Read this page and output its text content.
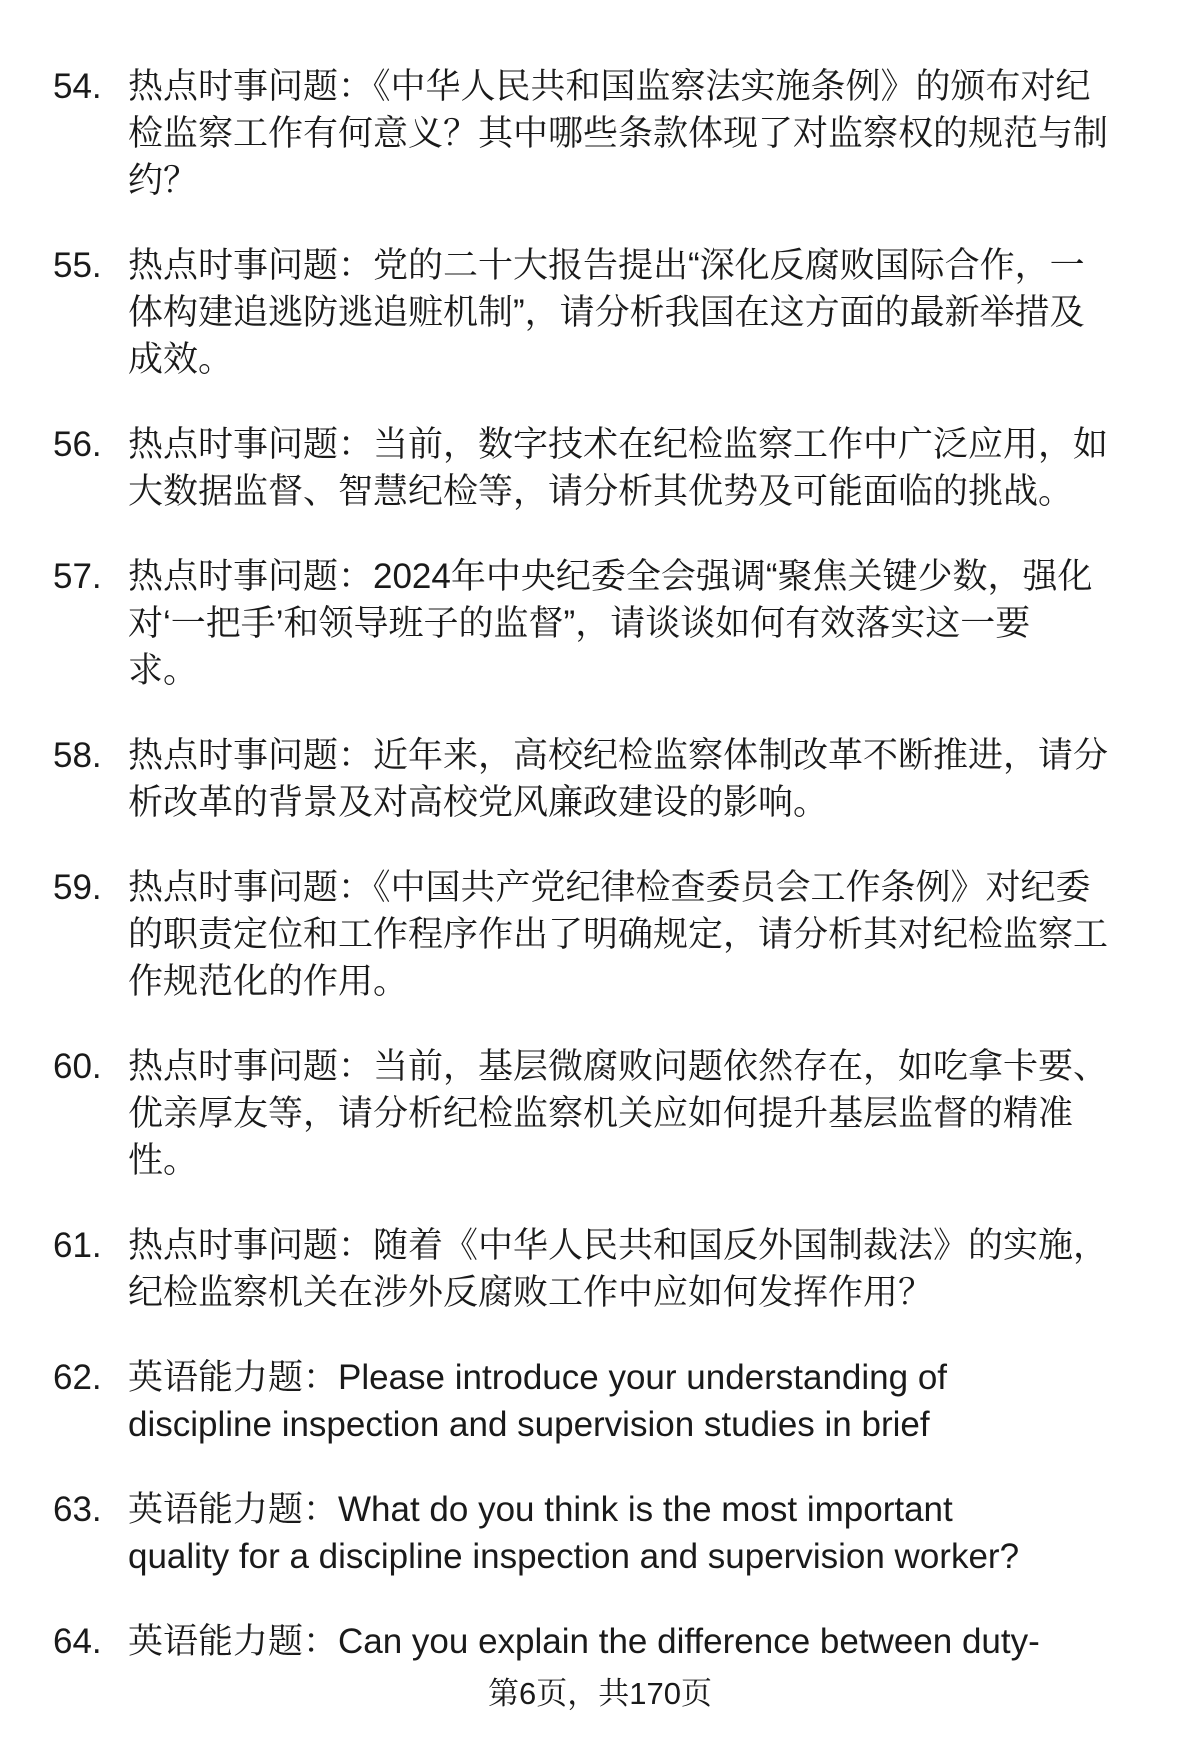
54. 热点时事问题：《中华人民共和国监察法实施条例》的颁布对纪
检监察工作有何意义？其中哪些条款体现了对监察权的规范与制
约？
55. 热点时事问题：党的二十大报告提出“深化反腐败国际合作，一
体构建追逃防逃追赃机制”，请分析我国在这方面的最新举措及
成效。
56. 热点时事问题：当前，数字技术在纪检监察工作中广泛应用，如
大数据监督、智慧纪检等，请分析其优势及可能面临的挑战。
57. 热点时事问题：2024年中央纪委全会强调“聚焦关键少数，强化
对‘一把手’和领导班子的监督”，请谈谈如何有效落实这一要
求。
58. 热点时事问题：近年来，高校纪检监察体制改革不断推进，请分
析改革的背景及对高校党风廉政建设的影响。
59. 热点时事问题：《中国共产党纪律检查委员会工作条例》对纪委
的职责定位和工作程序作出了明确规定，请分析其对纪检监察工
作规范化的作用。
60. 热点时事问题：当前，基层微腐败问题依然存在，如吃拿卡要、
优亲厚友等，请分析纪检监察机关应如何提升基层监督的精准
性。
61. 热点时事问题：随着《中华人民共和国反外国制裁法》的实施，
纪检监察机关在涉外反腐败工作中应如何发挥作用？
62. 英语能力题：Please introduce your understanding of
discipline inspection and supervision studies in brief
63. 英语能力题：What do you think is the most important
quality for a discipline inspection and supervision worker?
64. 英语能力题：Can you explain the difference between duty-
第6页，共170页
